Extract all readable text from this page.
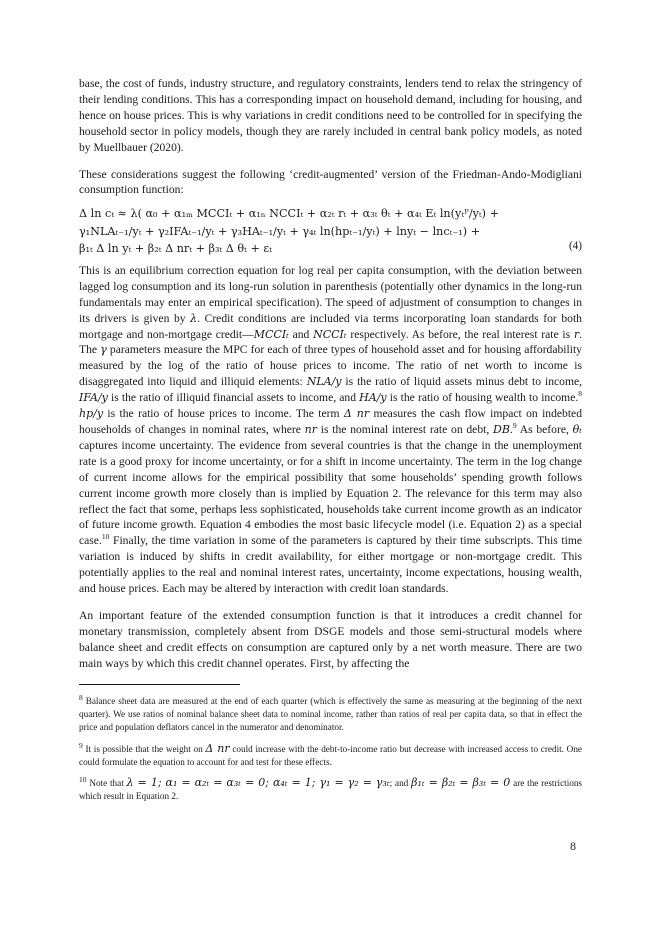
base, the cost of funds, industry structure, and regulatory constraints, lenders tend to relax the stringency of their lending conditions. This has a corresponding impact on household demand, including for housing, and hence on house prices. This is why variations in credit conditions need to be controlled for in specifying the household sector in policy models, though they are rarely included in central bank policy models, as noted by Muellbauer (2020).

These considerations suggest the following ‘credit-augmented’ version of the Friedman-Ando-Modigliani consumption function:

Δ ln cₜ ≈ λ( α₀ + α₁ₘ MCCIₜ + α₁ₙ NCCIₜ + α₂ₜ rₜ + α₃ₜ θₜ + α₄ₜ Eₜ ln(yₜᴾ/yₜ) +
γ₁NLAₜ₋₁/yₜ + γ₂IFAₜ₋₁/yₜ + γ₃HAₜ₋₁/yₜ + γ₄ₜ ln(hpₜ₋₁/yₜ) + lnyₜ − lncₜ₋₁) +
β₁ₜ Δ ln yₜ + β₂ₜ Δ nrₜ + β₃ₜ Δ θₜ + εₜ	(4)

This is an equilibrium correction equation for log real per capita consumption, with the deviation between lagged log consumption and its long-run solution in parenthesis (potentially other dynamics in the long-run fundamentals may enter an empirical specification). The speed of adjustment of consumption to changes in its drivers is given by λ. Credit conditions are included via terms incorporating loan standards for both mortgage and non-mortgage credit—MCCIₜ and NCCIₜ respectively. As before, the real interest rate is r. The γ parameters measure the MPC for each of three types of household asset and for housing affordability measured by the log of the ratio of house prices to income. The ratio of net worth to income is disaggregated into liquid and illiquid elements: NLA/y is the ratio of liquid assets minus debt to income, IFA/y is the ratio of illiquid financial assets to income, and HA/y is the ratio of housing wealth to income.$^8$ hp/y is the ratio of house prices to income. The term Δ nr measures the cash flow impact on indebted households of changes in nominal rates, where nr is the nominal interest rate on debt, DB.$^9$ As before, θₜ captures income uncertainty. The evidence from several countries is that the change in the unemployment rate is a good proxy for income uncertainty, or for a shift in income uncertainty. The term in the log change of current income allows for the empirical possibility that some households’ spending growth follows current income growth more closely than is implied by Equation 2. The relevance for this term may also reflect the fact that some, perhaps less sophisticated, households take current income growth as an indicator of future income growth. Equation 4 embodies the most basic lifecycle model (i.e. Equation 2) as a special case.$^{10}$ Finally, the time variation in some of the parameters is captured by their time subscripts. This time variation is induced by shifts in credit availability, for either mortgage or non-mortgage credit. This potentially applies to the real and nominal interest rates, uncertainty, income expectations, housing wealth, and house prices. Each may be altered by interaction with credit loan standards.

An important feature of the extended consumption function is that it introduces a credit channel for monetary transmission, completely absent from DSGE models and those semi-structural models where balance sheet and credit effects on consumption are captured only by a net worth measure. There are two main ways by which this credit channel operates. First, by affecting the

$^8$ Balance sheet data are measured at the end of each quarter (which is effectively the same as measuring at the beginning of the next quarter). We use ratios of nominal balance sheet data to nominal income, rather than ratios of real per capita data, so that in effect the price and population deflators cancel in the numerator and denominator.

$^9$ It is possible that the weight on Δ nr could increase with the debt-to-income ratio but decrease with increased access to credit. One could formulate the equation to account for and test for these effects.

$^{10}$ Note that λ = 1; α₁ = α₂ₜ = α₃ₜ = 0; α₄ₜ = 1; γ₁ = γ₂ = γ₃ₜ; and β₁ₜ = β₂ₜ = β₃ₜ = 0 are the restrictions which result in Equation 2.

8
